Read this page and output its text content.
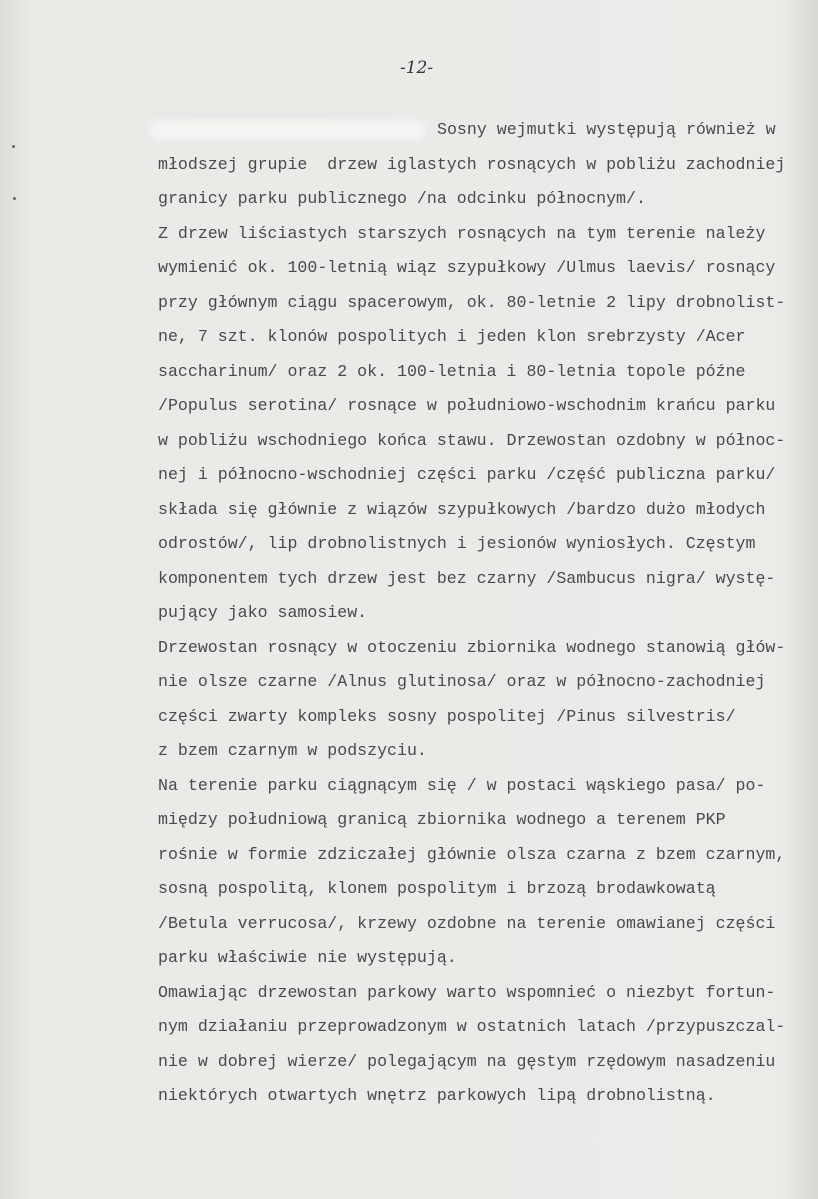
-12-
Sosny wejmutki występują również w
młodszej grupie  drzew iglastych rosnących w pobliżu zachodniej
granicy parku publicznego /na odcinku północnym/.
Z drzew liściastych starszych rosnących na tym terenie należy
wymienić ok. 100-letnią wiąz szypułkowy /Ulmus laevis/ rosnący
przy głównym ciągu spacerowym, ok. 80-letnie 2 lipy drobnolist-
ne, 7 szt. klonów pospolitych i jeden klon srebrzysty /Acer
saccharinum/ oraz 2 ok. 100-letnia i 80-letnia topole późne
/Populus serotina/ rosnące w południowo-wschodnim krańcu parku
w pobliżu wschodniego końca stawu. Drzewostan ozdobny w północ-
nej i północno-wschodniej części parku /część publiczna parku/
składa się głównie z wiązów szypułkowych /bardzo dużo młodych
odrostów/, lip drobnolistnych i jesionów wyniosłych. Częstym
komponentem tych drzew jest bez czarny /Sambucus nigra/ wystę-
pujący jako samosiew.
Drzewostan rosnący w otoczeniu zbiornika wodnego stanowią głów-
nie olsze czarne /Alnus glutinosa/ oraz w północno-zachodniej
części zwarty kompleks sosny pospolitej /Pinus silvestris/
z bzem czarnym w podszyciu.
Na terenie parku ciągnącym się / w postaci wąskiego pasa/ po-
między południową granicą zbiornika wodnego a terenem PKP
rośnie w formie zdziczałej głównie olsza czarna z bzem czarnym,
sosną pospolitą, klonem pospolitym i brzozą brodawkowatą
/Betula verrucosa/, krzewy ozdobne na terenie omawianej części
parku właściwie nie występują.
Omawiając drzewostan parkowy warto wspomnieć o niezbyt fortun-
nym działaniu przeprowadzonym w ostatnich latach /przypuszczal-
nie w dobrej wierze/ polegającym na gęstym rzędowym nasadzeniu
niektórych otwartych wnętrz parkowych lipą drobnolistną.
